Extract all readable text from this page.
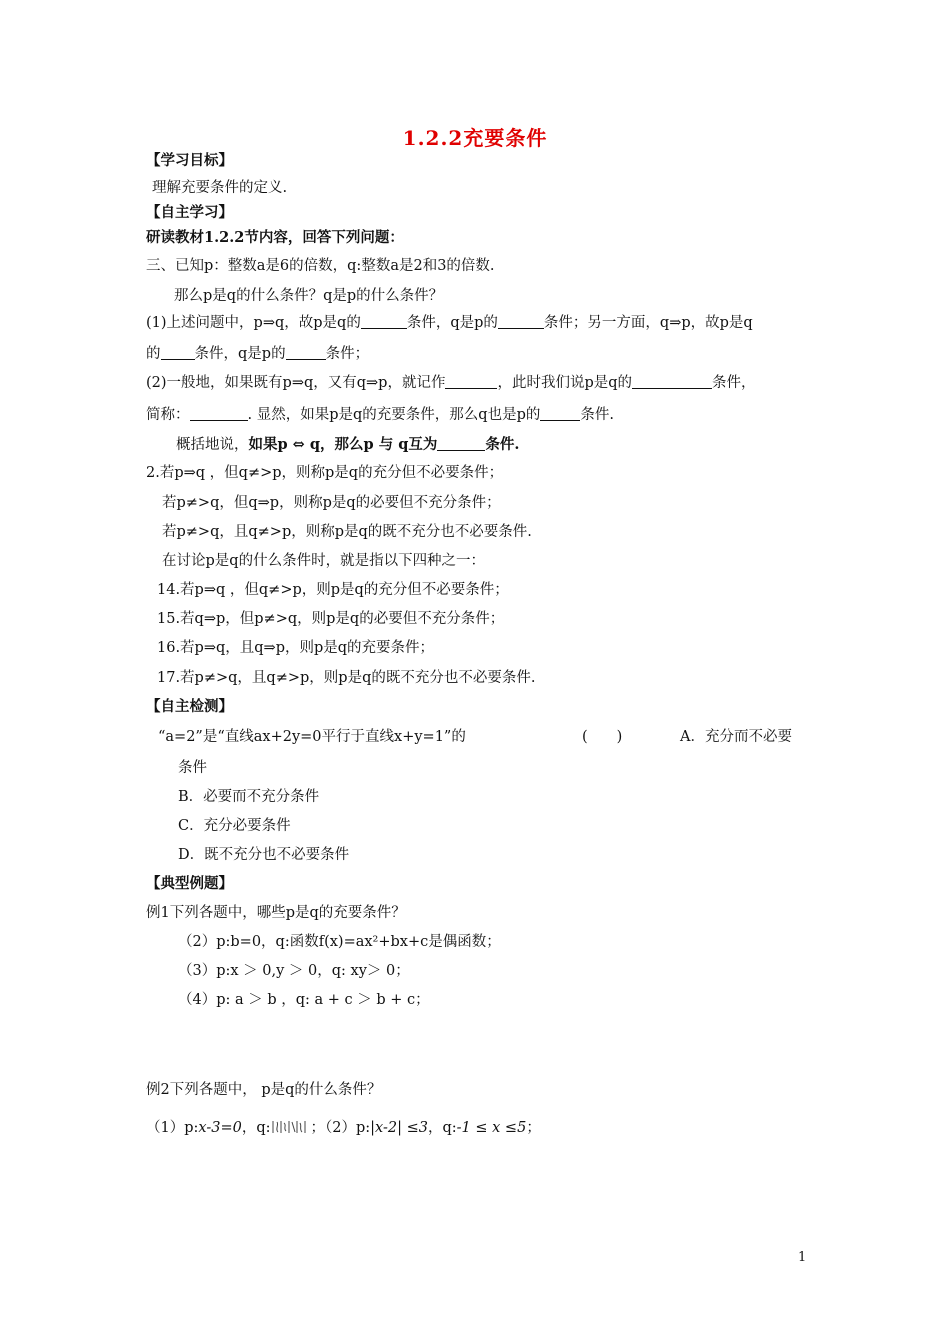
1.2.2充要条件
【学习目标】
理解充要条件的定义.
【自主学习】
研读教材1.2.2节内容，回答下列问题：
三、已知p：整数a是6的倍数，q:整数a是2和3的倍数.
那么p是q的什么条件？q是p的什么条件？
(1)上述问题中，p⇒q，故p是q的	条件，q是p的	条件；另一方面，q⇒p，故p是q
的 条件，q是p的	条件；
(2)一般地，如果既有p⇒q，又有q⇒p，就记作	，此时我们说p是q的	条件，
简称：	. 显然，如果p是q的充要条件，那么q也是p的	条件.
概括地说，如果p ⇔ q，那么p 与 q互为	条件.
2.若p⇒q ，但q≠>p，则称p是q的充分但不必要条件；
若p≠>q，但q⇒p，则称p是q的必要但不充分条件；
若p≠>q，且q≠>p，则称p是q的既不充分也不必要条件.
在讨论p是q的什么条件时，就是指以下四种之一：
14.若p⇒q ，但q≠>p，则p是q的充分但不必要条件；
15.若q⇒p，但p≠>q，则p是q的必要但不充分条件；
16.若p⇒q，且q⇒p，则p是q的充要条件；
17.若p≠>q，且q≠>p，则p是q的既不充分也不必要条件.
【自主检测】
“a=2”是“直线ax+2y=0平行于直线x+y=1”的	(　　)	A．充分而不必要
条件
B．必要而不充分条件
C．充分必要条件
D．既不充分也不必要条件
【典型例题】
例1下列各题中，哪些p是q的充要条件？
（2）p:b=0，q:函数f(x)=ax²+bx+c是偶函数；
（3）p:x ＞ 0,y ＞ 0，q: xy＞ 0；
（4）p: a ＞ b ，q: a + c ＞ b + c；
例2下列各题中， p是q的什么条件？
（1）p:x-3=0，q:	；（2）p:|x-2| ≤3，q:-1 ≤ x ≤5；
1
